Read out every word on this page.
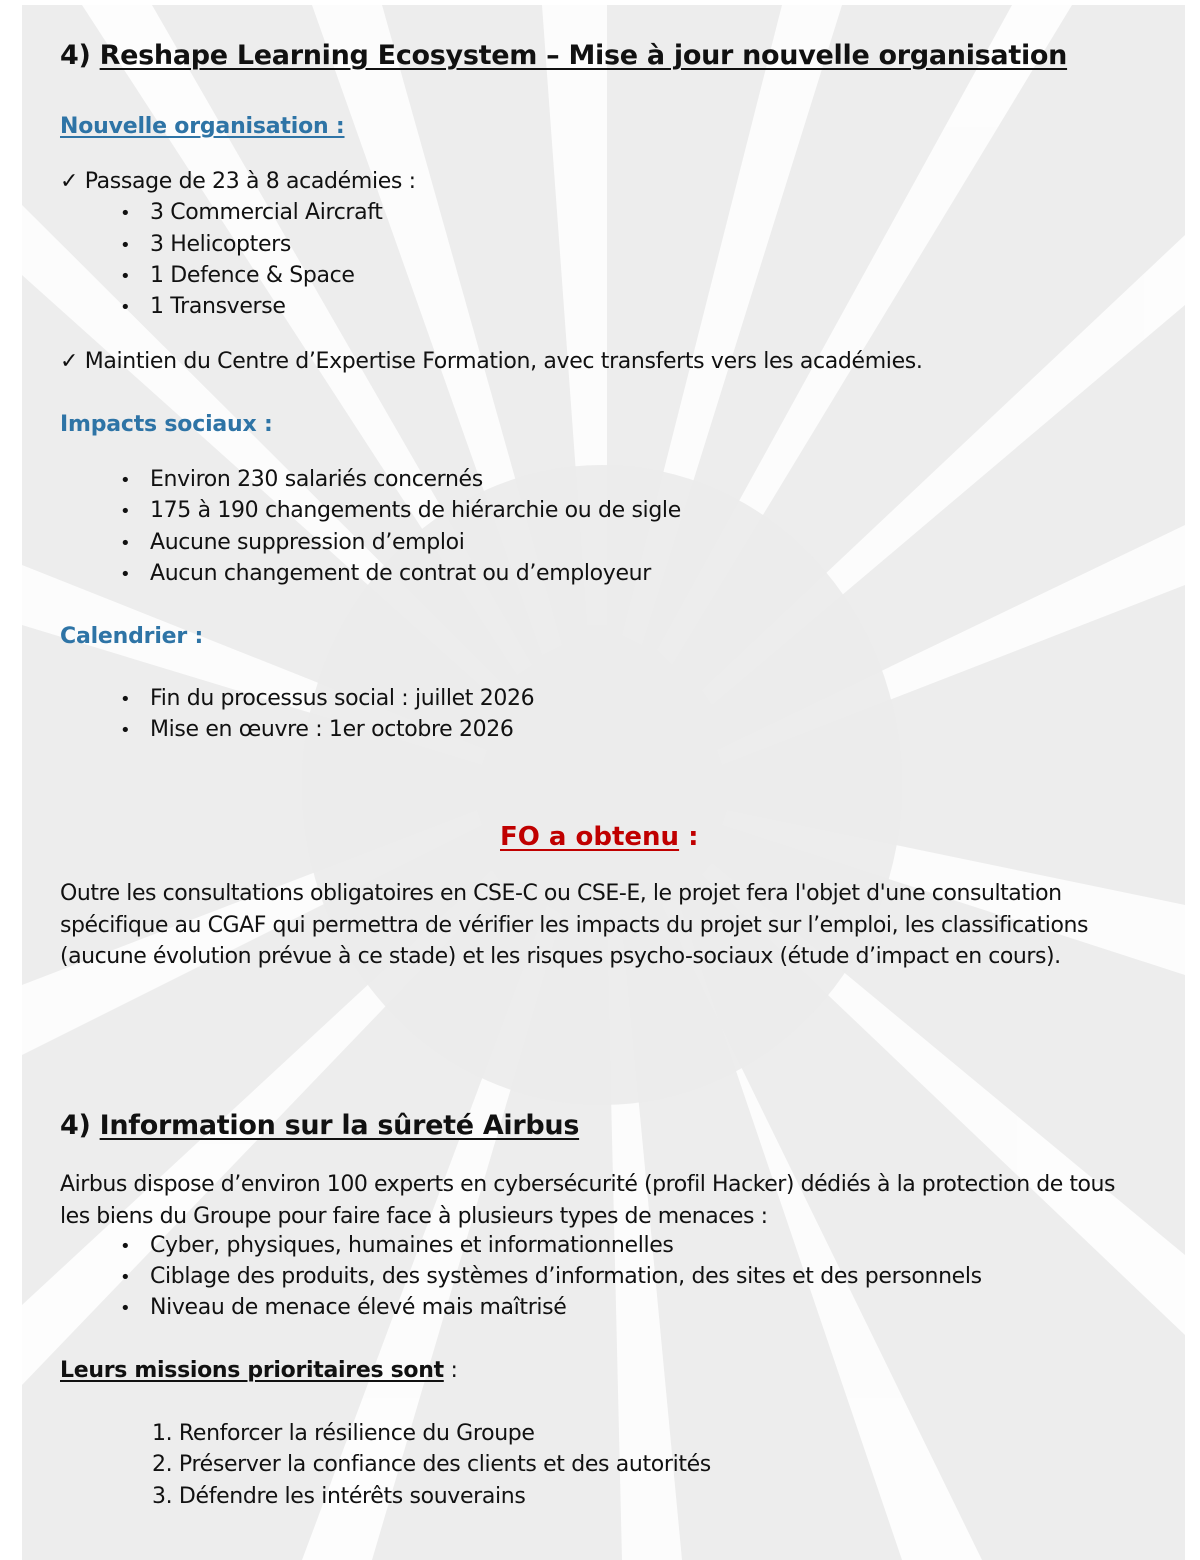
4) Reshape Learning Ecosystem – Mise à jour nouvelle organisation
Nouvelle organisation :
✓ Passage de 23 à 8 académies :
• 3 Commercial Aircraft
• 3 Helicopters
• 1 Defence & Space
• 1 Transverse
✓ Maintien du Centre d’Expertise Formation, avec transferts vers les académies.
Impacts sociaux :
• Environ 230 salariés concernés
• 175 à 190 changements de hiérarchie ou de sigle
• Aucune suppression d’emploi
• Aucun changement de contrat ou d’employeur
Calendrier :
• Fin du processus social : juillet 2026
• Mise en œuvre : 1er octobre 2026
FO a obtenu :
Outre les consultations obligatoires en CSE-C ou CSE-E, le projet fera l'objet d'une consultation spécifique au CGAF qui permettra de vérifier les impacts du projet sur l’emploi, les classifications (aucune évolution prévue à ce stade) et les risques psycho-sociaux (étude d’impact en cours).
4) Information sur la sûreté Airbus
Airbus dispose d’environ 100 experts en cybersécurité (profil Hacker) dédiés à la protection de tous les biens du Groupe pour faire face à plusieurs types de menaces :
• Cyber, physiques, humaines et informationnelles
• Ciblage des produits, des systèmes d’information, des sites et des personnels
• Niveau de menace élevé mais maîtrisé
Leurs missions prioritaires sont :
1. Renforcer la résilience du Groupe
2. Préserver la confiance des clients et des autorités
3. Défendre les intérêts souverains
